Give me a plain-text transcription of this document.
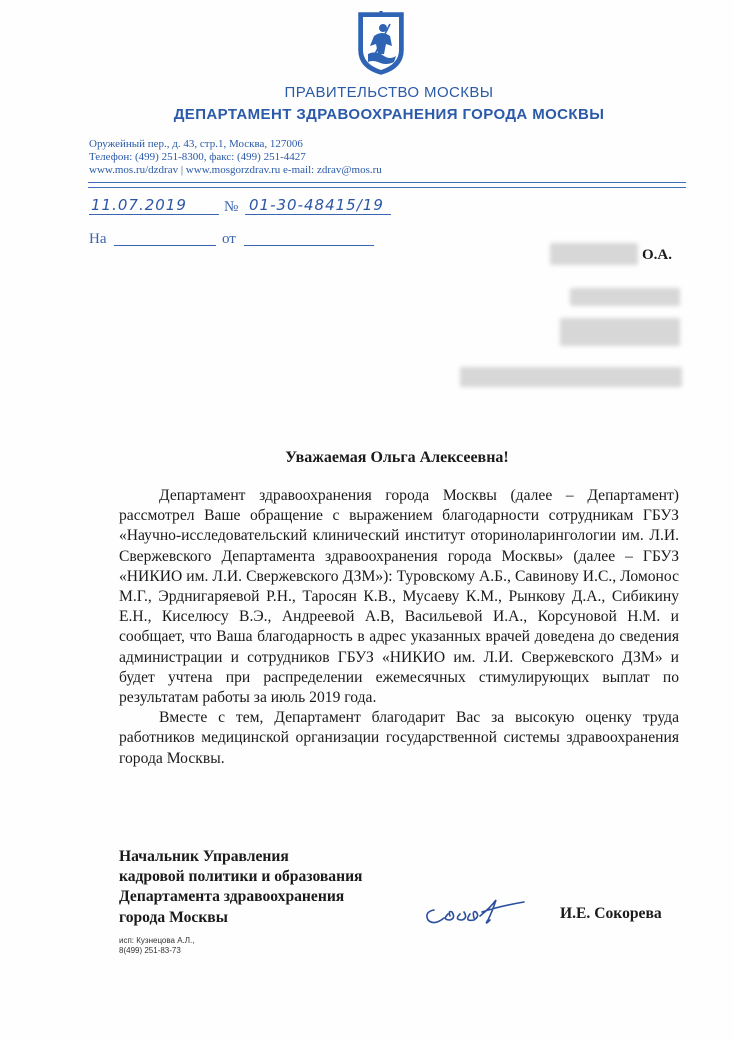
ПРАВИТЕЛЬСТВО МОСКВЫ
ДЕПАРТАМЕНТ ЗДРАВООХРАНЕНИЯ ГОРОДА МОСКВЫ
Оружейный пер., д. 43, стр.1, Москва, 127006
Телефон: (499) 251-8300, факс: (499) 251-4427
www.mos.ru/dzdrav | www.mosgorzdrav.ru e-mail: zdrav@mos.ru
11.07.2019	№ 01-30-48415/19
На	от
О.А.
Уважаемая Ольга Алексеевна!

Департамент здравоохранения города Москвы (далее – Департамент) рассмотрел Ваше обращение с выражением благодарности сотрудникам ГБУЗ «Научно-исследовательский клинический институт оториноларингологии им. Л.И. Свержевского Департамента здравоохранения города Москвы» (далее – ГБУЗ «НИКИО им. Л.И. Свержевского ДЗМ»): Туровскому А.Б., Савинову И.С., Ломонос М.Г., Эрднигаряевой Р.Н., Таросян К.В., Мусаеву К.М., Рынкову Д.А., Сибикину Е.Н., Киселюсу В.Э., Андреевой А.В, Васильевой И.А., Корсуновой Н.М. и сообщает, что Ваша благодарность в адрес указанных врачей доведена до сведения администрации и сотрудников ГБУЗ «НИКИО им. Л.И. Свержевского ДЗМ» и будет учтена при распределении ежемесячных стимулирующих выплат по результатам работы за июль 2019 года.

Вместе с тем, Департамент благодарит Вас за высокую оценку труда работников медицинской организации государственной системы здравоохранения города Москвы.

Начальник Управления
кадровой политики и образования
Департамента здравоохранения
города Москвы	И.Е. Сокорева
исп: Кузнецова А.Л.,
8(499) 251-83-73
